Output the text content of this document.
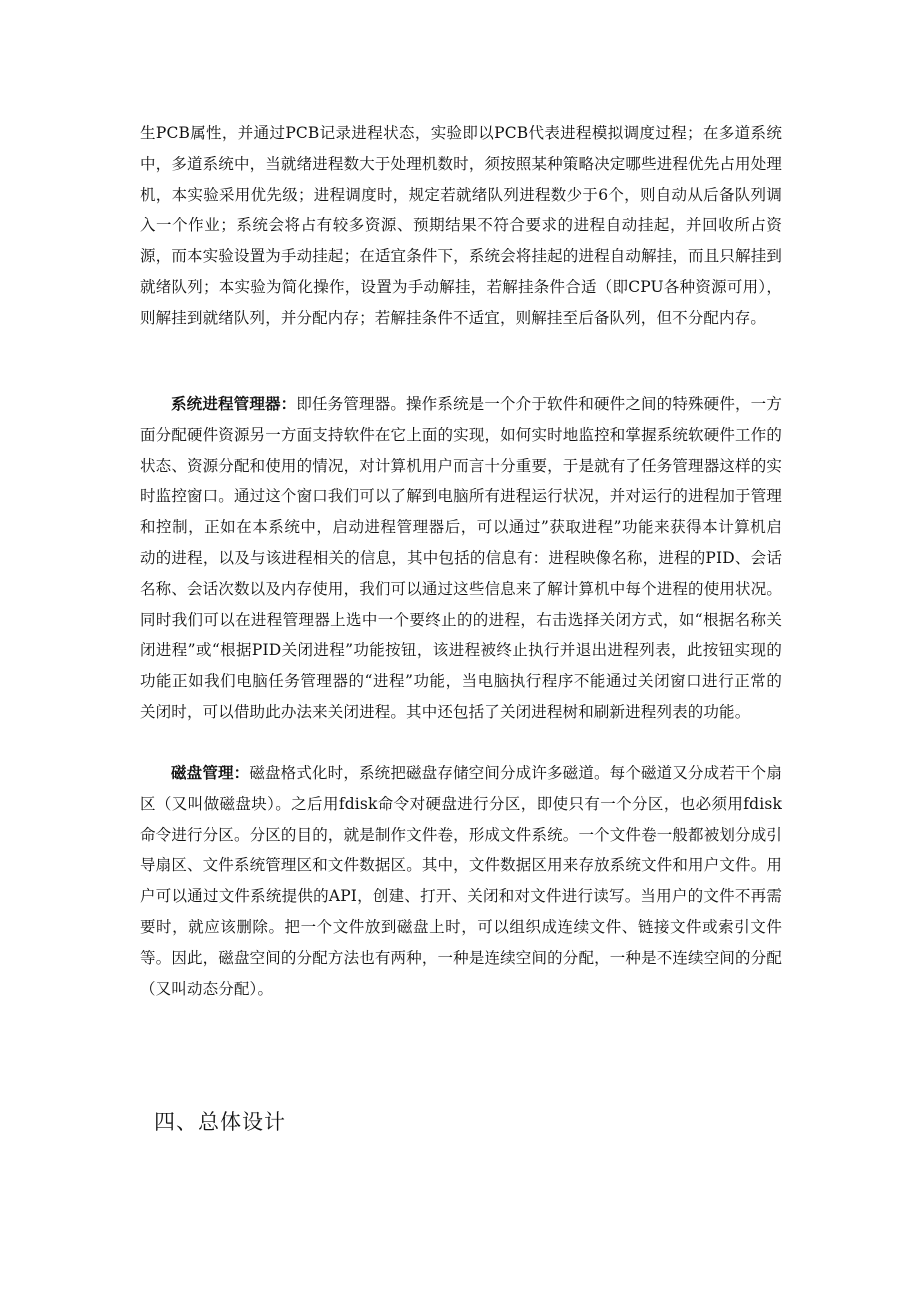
生PCB属性，并通过PCB记录进程状态，实验即以PCB代表进程模拟调度过程；在多道系统中，多道系统中，当就绪进程数大于处理机数时，须按照某种策略决定哪些进程优先占用处理机，本实验采用优先级；进程调度时，规定若就绪队列进程数少于6个，则自动从后备队列调入一个作业；系统会将占有较多资源、预期结果不符合要求的进程自动挂起，并回收所占资源，而本实验设置为手动挂起；在适宜条件下，系统会将挂起的进程自动解挂，而且只解挂到就绪队列；本实验为简化操作，设置为手动解挂，若解挂条件合适（即CPU各种资源可用），则解挂到就绪队列，并分配内存；若解挂条件不适宜，则解挂至后备队列，但不分配内存。

系统进程管理器：即任务管理器。操作系统是一个介于软件和硬件之间的特殊硬件，一方面分配硬件资源另一方面支持软件在它上面的实现，如何实时地监控和掌握系统软硬件工作的状态、资源分配和使用的情况，对计算机用户而言十分重要，于是就有了任务管理器这样的实时监控窗口。通过这个窗口我们可以了解到电脑所有进程运行状况，并对运行的进程加于管理和控制，正如在本系统中，启动进程管理器后，可以通过”获取进程”功能来获得本计算机启动的进程，以及与该进程相关的信息，其中包括的信息有：进程映像名称，进程的PID、会话名称、会话次数以及内存使用，我们可以通过这些信息来了解计算机中每个进程的使用状况。同时我们可以在进程管理器上选中一个要终止的的进程，右击选择关闭方式，如“根据名称关闭进程”或“根据PID关闭进程”功能按钮，该进程被终止执行并退出进程列表，此按钮实现的功能正如我们电脑任务管理器的“进程”功能，当电脑执行程序不能通过关闭窗口进行正常的关闭时，可以借助此办法来关闭进程。其中还包括了关闭进程树和刷新进程列表的功能。

磁盘管理：磁盘格式化时，系统把磁盘存储空间分成许多磁道。每个磁道又分成若干个扇区（又叫做磁盘块）。之后用fdisk命令对硬盘进行分区，即使只有一个分区，也必须用fdisk命令进行分区。分区的目的，就是制作文件卷，形成文件系统。一个文件卷一般都被划分成引导扇区、文件系统管理区和文件数据区。其中，文件数据区用来存放系统文件和用户文件。用户可以通过文件系统提供的API，创建、打开、关闭和对文件进行读写。当用户的文件不再需要时，就应该删除。把一个文件放到磁盘上时，可以组织成连续文件、链接文件或索引文件等。因此，磁盘空间的分配方法也有两种，一种是连续空间的分配，一种是不连续空间的分配（又叫动态分配）。

四、总体设计
